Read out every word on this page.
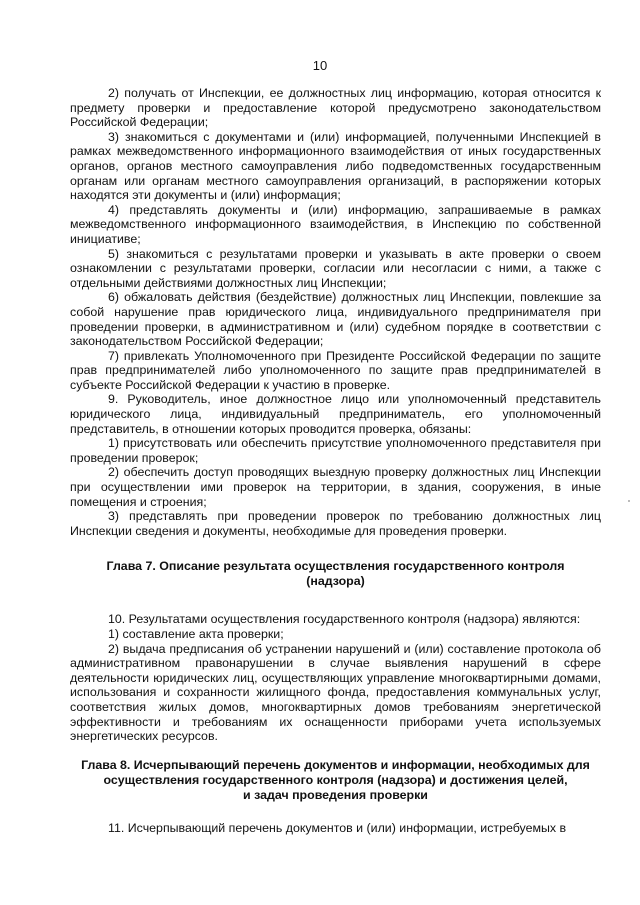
10

2) получать от Инспекции, ее должностных лиц информацию, которая относится к предмету проверки и предоставление которой предусмотрено законодательством Российской Федерации;

3) знакомиться с документами и (или) информацией, полученными Инспекцией в рамках межведомственного информационного взаимодействия от иных государственных органов, органов местного самоуправления либо подведомственных государственным органам или органам местного самоуправления организаций, в распоряжении которых находятся эти документы и (или) информация;

4) представлять документы и (или) информацию, запрашиваемые в рамках межведомственного информационного взаимодействия, в Инспекцию по собственной инициативе;

5) знакомиться с результатами проверки и указывать в акте проверки о своем ознакомлении с результатами проверки, согласии или несогласии с ними, а также с отдельными действиями должностных лиц Инспекции;

6) обжаловать действия (бездействие) должностных лиц Инспекции, повлекшие за собой нарушение прав юридического лица, индивидуального предпринимателя при проведении проверки, в административном и (или) судебном порядке в соответствии с законодательством Российской Федерации;

7) привлекать Уполномоченного при Президенте Российской Федерации по защите прав предпринимателей либо уполномоченного по защите прав предпринимателей в субъекте Российской Федерации к участию в проверке.

9. Руководитель, иное должностное лицо или уполномоченный представитель юридического лица, индивидуальный предприниматель, его уполномоченный представитель, в отношении которых проводится проверка, обязаны:

1) присутствовать или обеспечить присутствие уполномоченного представителя при проведении проверок;

2) обеспечить доступ проводящих выездную проверку должностных лиц Инспекции при осуществлении ими проверок на территории, в здания, сооружения, в иные помещения и строения;

3) представлять при проведении проверок по требованию должностных лиц Инспекции сведения и документы, необходимые для проведения проверки.

Глава 7. Описание результата осуществления государственного контроля
(надзора)

10. Результатами осуществления государственного контроля (надзора) являются:

1) составление акта проверки;

2) выдача предписания об устранении нарушений и (или) составление протокола об административном правонарушении в случае выявления нарушений в сфере деятельности юридических лиц, осуществляющих управление многоквартирными домами, использования и сохранности жилищного фонда, предоставления коммунальных услуг, соответствия жилых домов, многоквартирных домов требованиям энергетической эффективности и требованиям их оснащенности приборами учета используемых энергетических ресурсов.

Глава 8. Исчерпывающий перечень документов и информации, необходимых для
осуществления государственного контроля (надзора) и достижения целей,
и задач проведения проверки

11. Исчерпывающий перечень документов и (или) информации, истребуемых в
